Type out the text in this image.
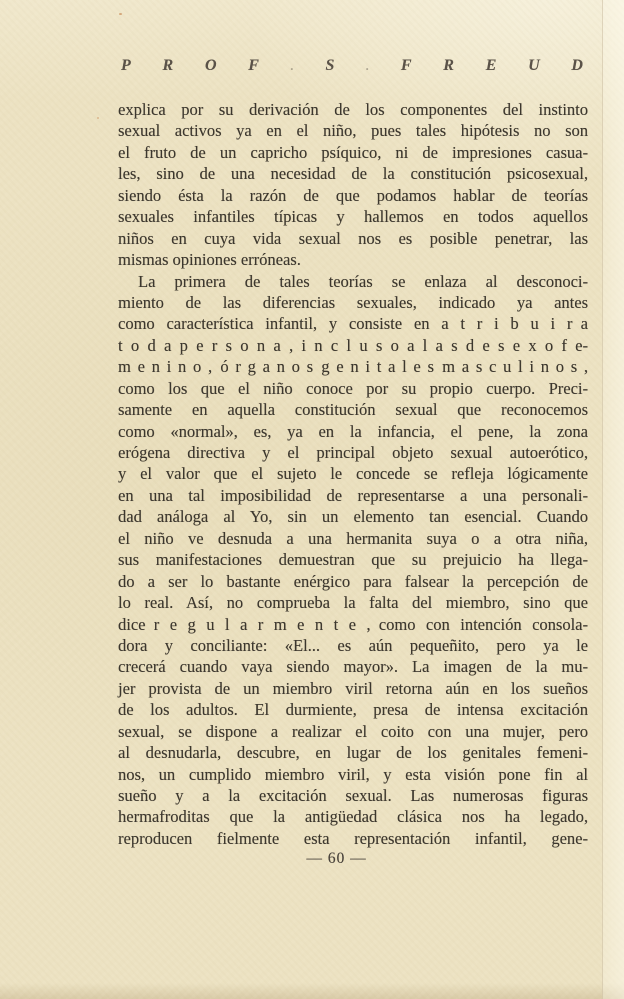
P R O F	. S	. F R E U D
explica por su derivación de los componentes del instinto
sexual activos ya en el niño, pues tales hipótesis no son
el fruto de un capricho psíquico, ni de impresiones casua-
les, sino de una necesidad de la constitución psicosexual,
siendo ésta la razón de que podamos hablar de teorías
sexuales infantiles típicas y hallemos en todos aquellos
niños en cuya vida sexual nos es posible penetrar, las
mismas opiniones erróneas.
La primera de tales teorías se enlaza al desconoci-
miento de las diferencias sexuales, indicado ya antes
como característica infantil, y consiste en a t r i b u i r a
t o d a p e r s o n a , i n c l u s o a l a s d e s e x o f e-
m e n i n o , ó r g a n o s g e n i t a l e s m a s c u l i n o s ,
como los que el niño conoce por su propio cuerpo. Preci-
samente en aquella constitución sexual que reconocemos
como «normal», es, ya en la infancia, el pene, la zona
erógena directiva y el principal objeto sexual autoerótico,
y el valor que el sujeto le concede se refleja lógicamente
en una tal imposibilidad de representarse a una personali-
dad análoga al Yo, sin un elemento tan esencial. Cuando
el niño ve desnuda a una hermanita suya o a otra niña,
sus manifestaciones demuestran que su prejuicio ha llega-
do a ser lo bastante enérgico para falsear la percepción de
lo real. Así, no comprueba la falta del miembro, sino que
dice r e g u l a r m e n t e , como con intención consola-
dora y conciliante: «El... es aún pequeñito, pero ya le
crecerá cuando vaya siendo mayor». La imagen de la mu-
jer provista de un miembro viril retorna aún en los sueños
de los adultos. El durmiente, presa de intensa excitación
sexual, se dispone a realizar el coito con una mujer, pero
al desnudarla, descubre, en lugar de los genitales femeni-
nos, un cumplido miembro viril, y esta visión pone fin al
sueño y a la excitación sexual. Las numerosas figuras
hermafroditas que la antigüedad clásica nos ha legado,
reproducen fielmente esta representación infantil, gene-
— 60 —
